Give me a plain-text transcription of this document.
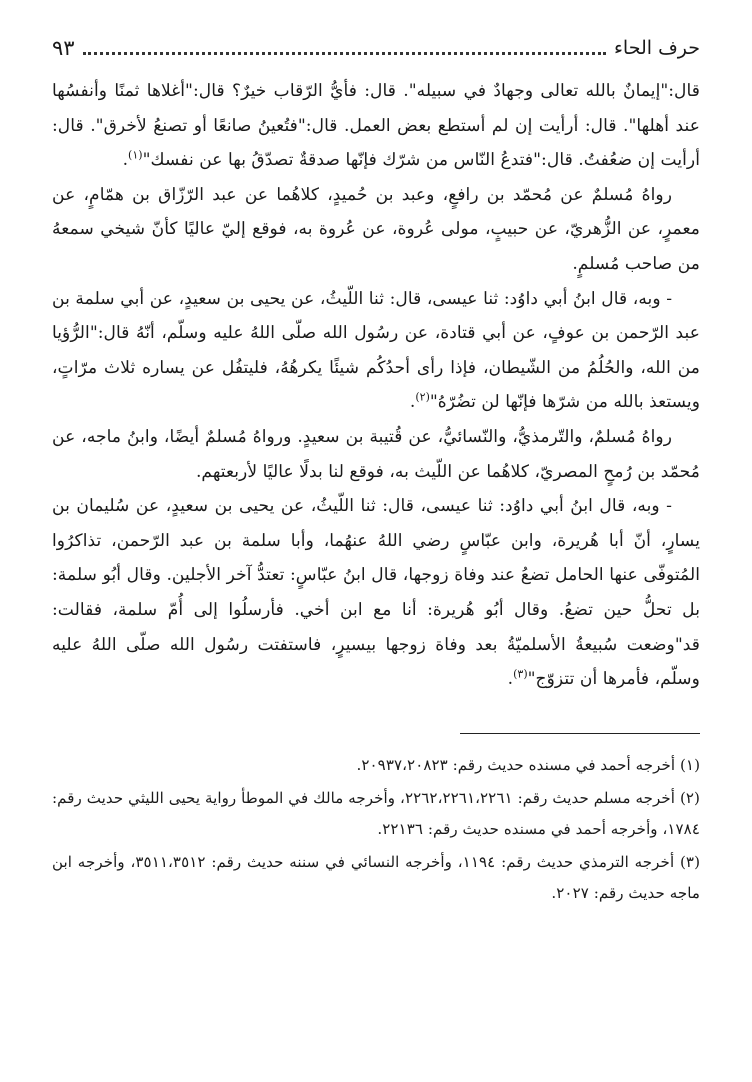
حرف الحاء
٩٣

قال:"إيمانٌ بالله تعالى وجهادٌ في سبيله". قال: فأيُّ الرّقاب خيرٌ؟ قال:"أغلاها ثمنًا وأنفسُها عند أهلها". قال: أرأيت إن لم أستطع بعض العمل. قال:"فتُعينُ صانعًا أو تصنعُ لأخرق". قال: أرأيت إن ضعُفتُ. قال:"فتدعُ النّاس من شرّك فإنّها صدقةٌ تصدّقُ بها عن نفسك"$^{(١)}$.

رواهُ مُسلمٌ عن مُحمّد بن رافعٍ، وعبد بن حُميدٍ، كلاهُما عن عبد الرّزّاق بن همّامٍ، عن معمرٍ، عن الزُّهريّ، عن حبيبٍ، مولى عُروة، عن عُروة به، فوقع إليّ عاليًا كأنّ شيخي سمعهُ من صاحب مُسلمٍ.

- وبه، قال ابنُ أبي داوُد: ثنا عيسى، قال: ثنا اللّيثُ، عن يحيى بن سعيدٍ، عن أبي سلمة بن عبد الرّحمن بن عوفٍ، عن أبي قتادة، عن رسُول الله صلّى اللهُ عليه وسلّم، أنّهُ قال:"الرُّؤيا من الله، والحُلُمُ من الشّيطان، فإذا رأى أحدُكُم شيئًا يكرهُهُ، فليتفُل عن يساره ثلاث مرّاتٍ، ويستعذ بالله من شرّها فإنّها لن تضُرّهُ"$^{(٢)}$.

رواهُ مُسلمٌ، والتّرمذيُّ، والنّسائيُّ، عن قُتيبة بن سعيدٍ. ورواهُ مُسلمٌ أيضًا، وابنُ ماجه، عن مُحمّد بن رُمحٍ المصريّ، كلاهُما عن اللّيث به، فوقع لنا بدلًا عاليًا لأربعتهم.

- وبه، قال ابنُ أبي داوُد: ثنا عيسى، قال: ثنا اللّيثُ، عن يحيى بن سعيدٍ، عن سُليمان بن يسارٍ، أنّ أبا هُريرة، وابن عبّاسٍ رضي اللهُ عنهُما، وأبا سلمة بن عبد الرّحمن، تذاكرُوا المُتوفّى عنها الحامل تضعُ عند وفاة زوجها، قال ابنُ عبّاسٍ: تعتدُّ آخر الأجلين. وقال أبُو سلمة: بل تحلُّ حين تضعُ. وقال أبُو هُريرة: أنا مع ابن أخي. فأرسلُوا إلى أُمّ سلمة، فقالت: قد"وضعت سُبيعةُ الأسلميّةُ بعد وفاة زوجها بيسيرٍ، فاستفتت رسُول الله صلّى اللهُ عليه وسلّم، فأمرها أن تتزوّج"$^{(٣)}$.

(١) أخرجه أحمد في مسنده حديث رقم: ٢٠٩٣٧،٢٠٨٢٣.

(٢) أخرجه مسلم حديث رقم: ٢٢٦٢،٢٢٦١،٢٢٦١، وأخرجه مالك في الموطأ رواية يحيى الليثي حديث رقم: ١٧٨٤، وأخرجه أحمد في مسنده حديث رقم: ٢٢١٣٦.

(٣) أخرجه الترمذي حديث رقم: ١١٩٤، وأخرجه النسائي في سننه حديث رقم: ٣٥١١،٣٥١٢، وأخرجه ابن ماجه حديث رقم: ٢٠٢٧.
